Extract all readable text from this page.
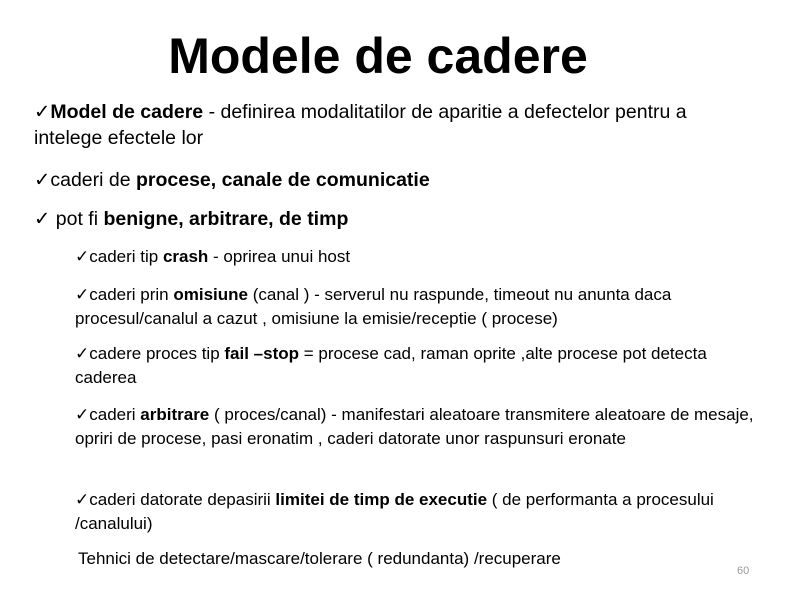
Modele de cadere
✓Model de cadere - definirea modalitatilor de aparitie a defectelor pentru a intelege efectele lor
✓caderi de procese, canale de comunicatie
✓ pot fi benigne, arbitrare, de timp
✓caderi tip crash - oprirea unui host
✓caderi prin omisiune (canal ) - serverul nu raspunde, timeout nu anunta daca procesul/canalul a cazut , omisiune la emisie/receptie ( procese)
✓cadere proces tip fail –stop = procese cad, raman oprite ,alte procese pot detecta caderea
✓caderi arbitrare ( proces/canal) - manifestari aleatoare transmitere aleatoare de mesaje, opriri de procese, pasi eronatim , caderi datorate unor raspunsuri eronate
✓caderi datorate depasirii limitei de timp de executie ( de performanta a procesului /canalului)
Tehnici de detectare/mascare/tolerare ( redundanta) /recuperare
60
